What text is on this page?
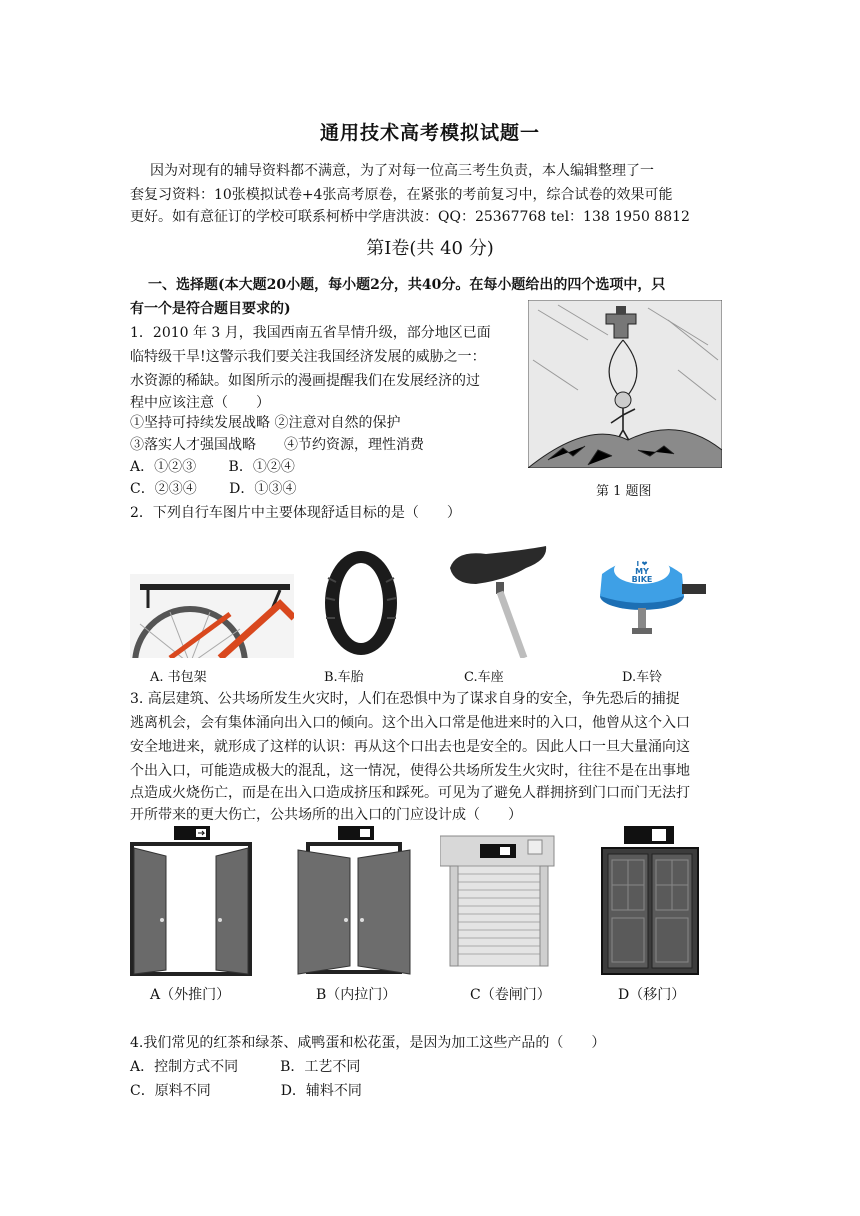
通用技术高考模拟试题一
因为对现有的辅导资料都不满意，为了对每一位高三考生负责，本人编辑整理了一
套复习资料：10张模拟试卷+4张高考原卷，在紧张的考前复习中，综合试卷的效果可能
更好。如有意征订的学校可联系柯桥中学唐洪波：QQ：25367768 tel：138 1950 8812
第Ⅰ卷(共 40 分)
一、选择题(本大题20小题，每小题2分，共40分。在每小题给出的四个选项中，只
有一个是符合题目要求的)
1．2010 年 3 月，我国西南五省旱情升级，部分地区已面
临特级干旱!这警示我们要关注我国经济发展的威胁之一：
水资源的稀缺。如图所示的漫画提醒我们在发展经济的过
程中应该注意（　　）
①坚持可持续发展战略 ②注意对自然的保护
③落实人才强国战略　　④节约资源，理性消费
A．①②③　　 B．①②④
C．②③④　　 D．①③④	第 1 题图
2．下列自行车图片中主要体现舒适目标的是（　　）
I ❤
MY
BIKE
A. 书包架	B.车胎	C.车座	D.车铃
3. 高层建筑、公共场所发生火灾时，人们在恐惧中为了谋求自身的安全，争先恐后的捕捉
逃离机会，会有集体涌向出入口的倾向。这个出入口常是他进来时的入口，他曾从这个入口
安全地进来，就形成了这样的认识：再从这个口出去也是安全的。因此人口一旦大量涌向这
个出入口，可能造成极大的混乱，这一情况，使得公共场所发生火灾时，往往不是在出事地
点造成火烧伤亡，而是在出入口造成挤压和踩死。可见为了避免人群拥挤到门口而门无法打
开所带来的更大伤亡，公共场所的出入口的门应设计成（　　）
A（外推门）	B（内拉门）	C（卷闸门）	D（移门）
4.我们常见的红茶和绿茶、咸鸭蛋和松花蛋，是因为加工这些产品的（　　）
A．控制方式不同　　　B．工艺不同
C．原料不同　　　　　D．辅料不同
